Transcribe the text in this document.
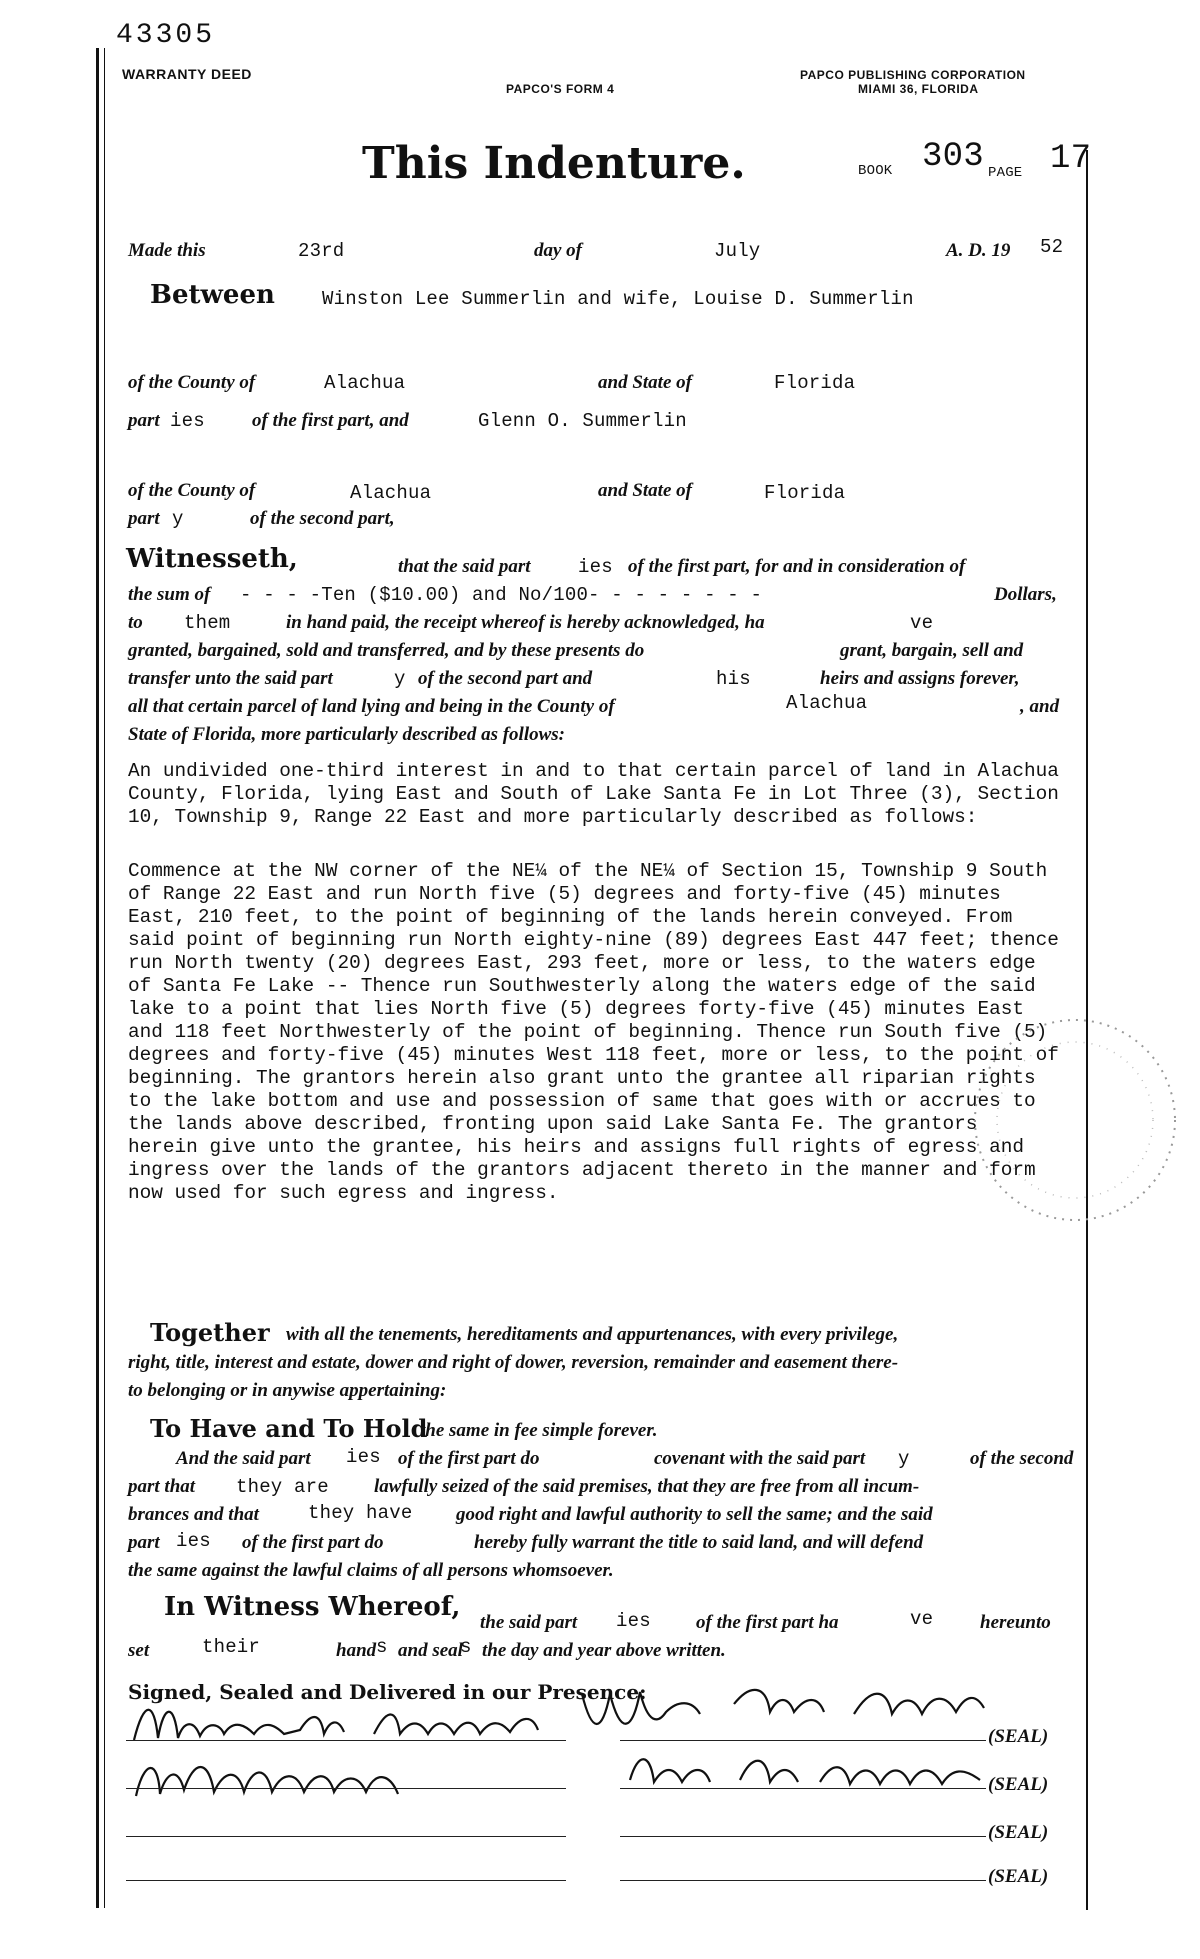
43305
WARRANTY DEED
PAPCO'S FORM 4
PAPCO PUBLISHING CORPORATION
MIAMI 36, FLORIDA
This Indenture.	BOOK 303 PAGE 17
Made this	23rd	day of	July	A. D. 19 52
Between Winston Lee Summerlin and wife, Louise D. Summerlin
of the County of	Alachua	and State of	Florida
part ies of the first part, and	Glenn O. Summerlin
of the County of	Alachua	and State of	Florida
part y	of the second part,
Witnesseth,	that the said part	ies of the first part, for and in consideration of
the sum of - - - -Ten ($10.00) and No/100- - - - - - - -	Dollars,
to them	in hand paid, the receipt whereof is hereby acknowledged, ha	ve
granted, bargained, sold and transferred, and by these presents do	grant, bargain, sell and
transfer unto the said part	y of the second part and	his	heirs and assigns forever,
all that certain parcel of land lying and being in the County of	Alachua	, and
State of Florida, more particularly described as follows:
An undivided one-third interest in and to that certain parcel of land in Alachua
County, Florida, lying East and South of Lake Santa Fe in Lot Three (3), Section
10, Township 9, Range 22 East and more particularly described as follows:
Commence at the NW corner of the NE¼ of the NE¼ of Section 15, Township 9 South
of Range 22 East and run North five (5) degrees and forty-five (45) minutes
East, 210 feet, to the point of beginning of the lands herein conveyed. From
said point of beginning run North eighty-nine (89) degrees East 447 feet; thence
run North twenty (20) degrees East, 293 feet, more or less, to the waters edge
of Santa Fe Lake -- Thence run Southwesterly along the waters edge of the said
lake to a point that lies North five (5) degrees forty-five (45) minutes East
and 118 feet Northwesterly of the point of beginning. Thence run South five (5)
degrees and forty-five (45) minutes West 118 feet, more or less, to the point of
beginning. The grantors herein also grant unto the grantee all riparian rights
to the lake bottom and use and possession of same that goes with or accrues to
the lands above described, fronting upon said Lake Santa Fe. The grantors
herein give unto the grantee, his heirs and assigns full rights of egress and
ingress over the lands of the grantors adjacent thereto in the manner and form
now used for such egress and ingress.
Together with all the tenements, hereditaments and appurtenances, with every privilege,
right, title, interest and estate, dower and right of dower, reversion, remainder and easement there-
to belonging or in anywise appertaining:
To Have and To Hold
the same in fee simple forever.
And the said part ies of the first part do	covenant with the said part y	of the second
part that they are lawfully seized of the said premises, that they are free from all incum-
brances and that	they have good right and lawful authority to sell the same; and the said
part ies of the first part do	hereby fully warrant the title to said land, and will defend
the same against the lawful claims of all persons whomsoever.
In Witness Whereof,
the said part ies of the first part ha	ve hereunto
set	their	hand s and seal
s the day and year above written.
Signed, Sealed and Delivered in our Presence:
(SEAL)
(SEAL)
(SEAL)
(SEAL)
